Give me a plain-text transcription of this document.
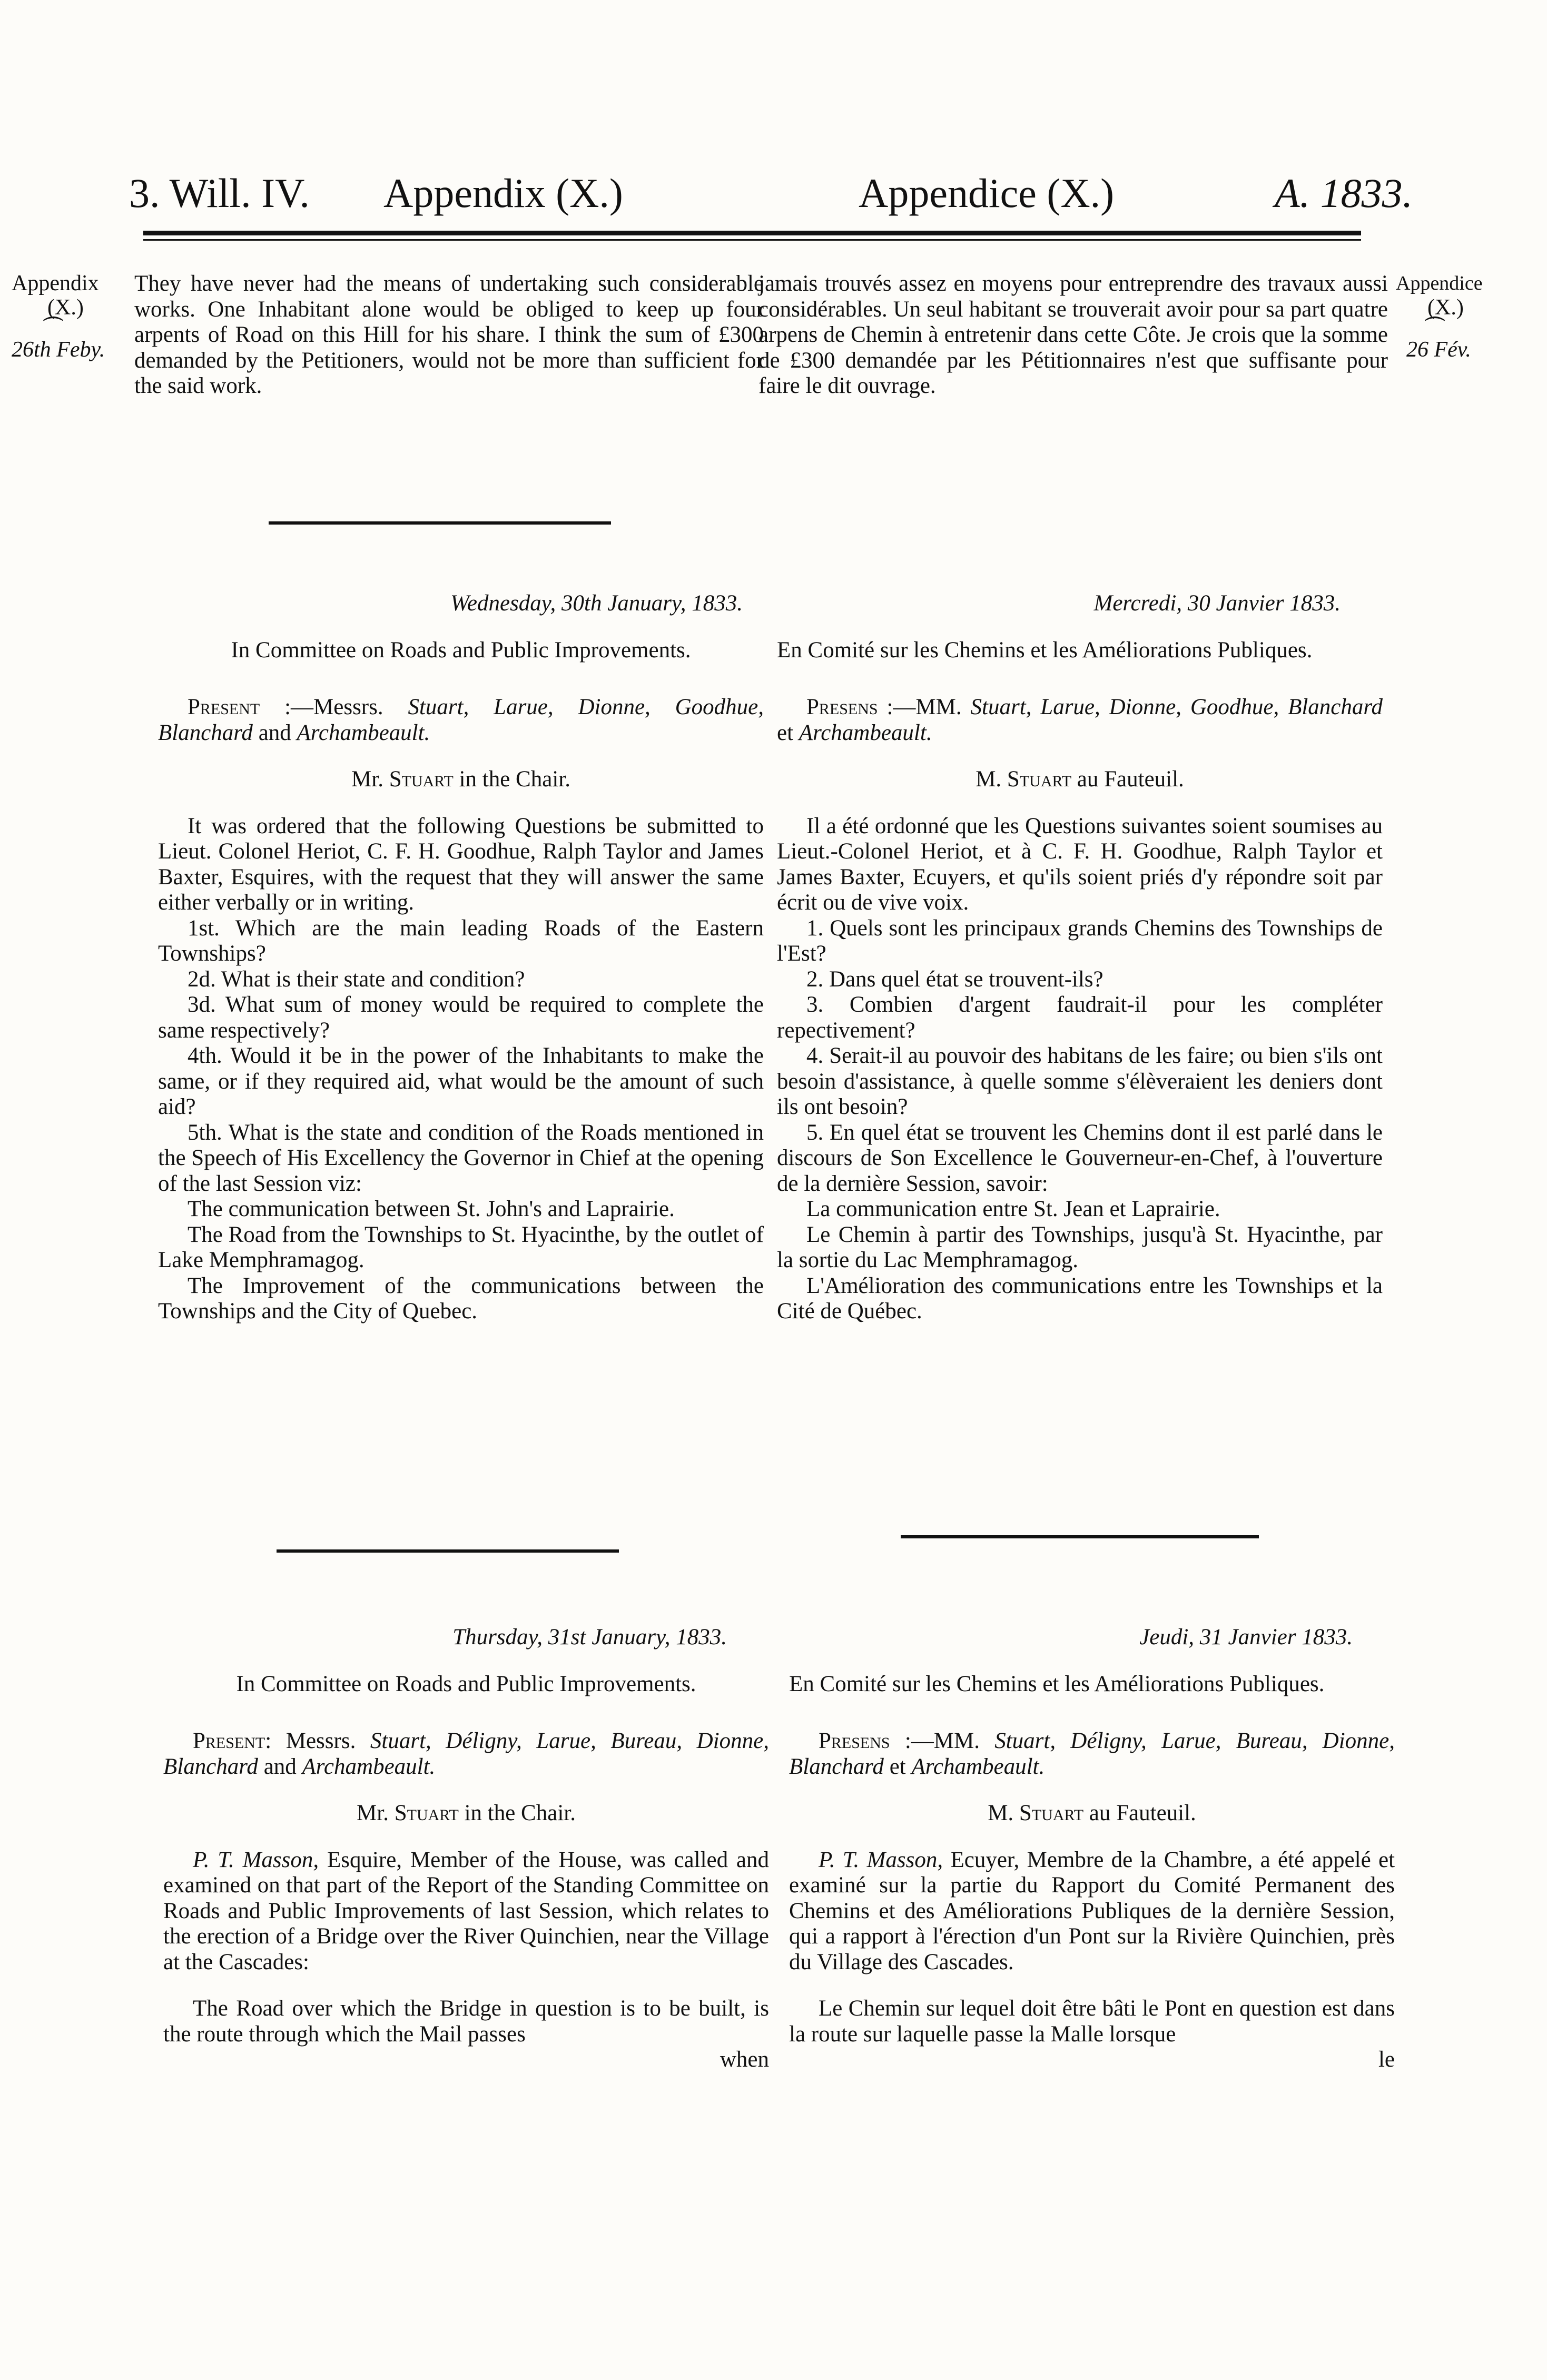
3. Will. IV. Appendix (X.)	Appendice (X.)	A. 1833.
Appendix
(X.)
⏜
26th Feby.
Appendice
(X.)
⏜
26 Fév.

They have never had the means of undertaking such considerable works. One Inhabitant alone would be obliged to keep up four arpents of Road on this Hill for his share. I think the sum of £300 demanded by the Petitioners, would not be more than sufficient for the said work.

jamais trouvés assez en moyens pour entreprendre des travaux aussi considérables. Un seul habitant se trouverait avoir pour sa part quatre arpens de Chemin à entretenir dans cette Côte. Je crois que la somme de £300 demandée par les Pétitionnaires n'est que suffisante pour faire le dit ouvrage.

Wednesday, 30th January, 1833.

In Committee on Roads and Public Improvements.

Present :—Messrs. Stuart, Larue, Dionne, Goodhue, Blanchard and Archambeault.

Mr. Stuart in the Chair.

It was ordered that the following Questions be submitted to Lieut. Colonel Heriot, C. F. H. Goodhue, Ralph Taylor and James Baxter, Esquires, with the request that they will answer the same either verbally or in writing.

1st. Which are the main leading Roads of the Eastern Townships?

2d. What is their state and condition?

3d. What sum of money would be required to complete the same respectively?

4th. Would it be in the power of the Inhabitants to make the same, or if they required aid, what would be the amount of such aid?

5th. What is the state and condition of the Roads mentioned in the Speech of His Excellency the Governor in Chief at the opening of the last Session viz:

The communication between St. John's and Laprairie.

The Road from the Townships to St. Hyacinthe, by the outlet of Lake Memphramagog.

The Improvement of the communications between the Townships and the City of Quebec.

Mercredi, 30 Janvier 1833.

En Comité sur les Chemins et les Améliorations Publiques.

Presens :—MM. Stuart, Larue, Dionne, Goodhue, Blanchard et Archambeault.

M. Stuart au Fauteuil.

Il a été ordonné que les Questions suivantes soient soumises au Lieut.-Colonel Heriot, et à C. F. H. Goodhue, Ralph Taylor et James Baxter, Ecuyers, et qu'ils soient priés d'y répondre soit par écrit ou de vive voix.

1. Quels sont les principaux grands Chemins des Townships de l'Est?

2. Dans quel état se trouvent-ils?

3. Combien d'argent faudrait-il pour les compléter repectivement?

4. Serait-il au pouvoir des habitans de les faire; ou bien s'ils ont besoin d'assistance, à quelle somme s'élèveraient les deniers dont ils ont besoin?

5. En quel état se trouvent les Chemins dont il est parlé dans le discours de Son Excellence le Gouverneur-en-Chef, à l'ouverture de la dernière Session, savoir:

La communication entre St. Jean et Laprairie.

Le Chemin à partir des Townships, jusqu'à St. Hyacinthe, par la sortie du Lac Memphramagog.

L'Amélioration des communications entre les Townships et la Cité de Québec.

Thursday, 31st January, 1833.

In Committee on Roads and Public Improvements.

Present: Messrs. Stuart, Déligny, Larue, Bureau, Dionne, Blanchard and Archambeault.

Mr. Stuart in the Chair.

P. T. Masson, Esquire, Member of the House, was called and examined on that part of the Report of the Standing Committee on Roads and Public Improvements of last Session, which relates to the erection of a Bridge over the River Quinchien, near the Village at the Cascades:

The Road over which the Bridge in question is to be built, is the route through which the Mail passes

when

Jeudi, 31 Janvier 1833.

En Comité sur les Chemins et les Améliorations Publiques.

Presens :—MM. Stuart, Déligny, Larue, Bureau, Dionne, Blanchard et Archambeault.

M. Stuart au Fauteuil.

P. T. Masson, Ecuyer, Membre de la Chambre, a été appelé et examiné sur la partie du Rapport du Comité Permanent des Chemins et des Améliorations Publiques de la dernière Session, qui a rapport à l'érection d'un Pont sur la Rivière Quinchien, près du Village des Cascades.

Le Chemin sur lequel doit être bâti le Pont en question est dans la route sur laquelle passe la Malle lorsque

le
